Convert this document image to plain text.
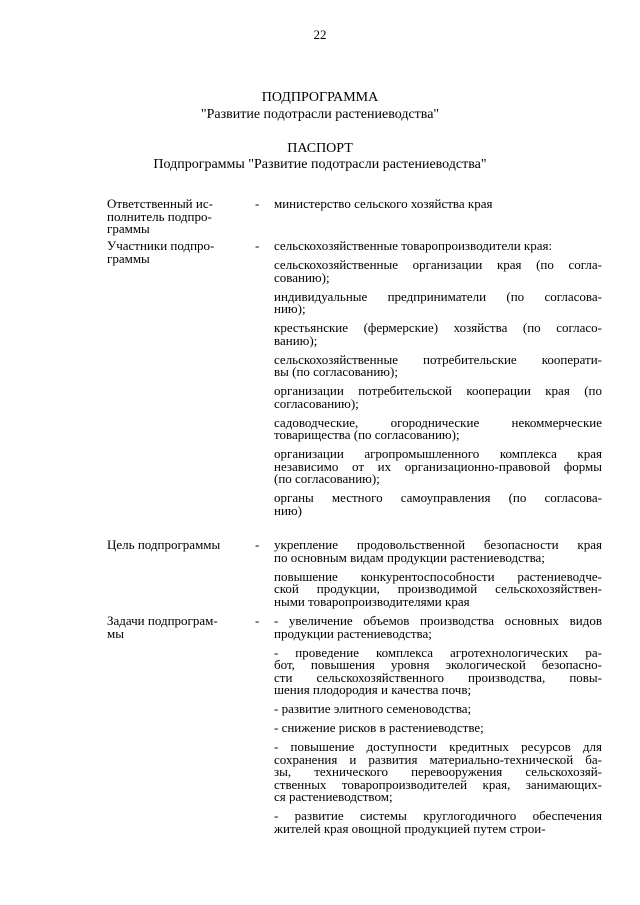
22
ПОДПРОГРАММА
"Развитие подотрасли растениеводства"
ПАСПОРТ
Подпрограммы "Развитие подотрасли растениеводства"
Ответственный ис-
полнитель подпро-
граммы
- министерство сельского хозяйства края
Участники подпро-
граммы
- сельскохозяйственные товаропроизводители края:
сельскохозяйственные организации края (по согла-
сованию);
индивидуальные предприниматели (по согласова-
нию);
крестьянские (фермерские) хозяйства (по согласо-
ванию);
сельскохозяйственные потребительские кооперати-
вы (по согласованию);
организации потребительской кооперации края (по
согласованию);
садоводческие, огороднические некоммерческие
товарищества (по согласованию);
организации агропромышленного комплекса края
независимо от их организационно-правовой формы
(по согласованию);
органы местного самоуправления (по согласова-
нию)
Цель подпрограммы	- укрепление продовольственной безопасности края
по основным видам продукции растениеводства;
повышение конкурентоспособности растениеводче-
ской продукции, производимой сельскохозяйствен-
ными товаропроизводителями края
Задачи подпрограм-
мы
- - увеличение объемов производства основных видов
продукции растениеводства;
- проведение комплекса агротехнологических ра-
бот, повышения уровня экологической безопасно-
сти сельскохозяйственного производства, повы-
шения плодородия и качества почв;
- развитие элитного семеноводства;
- снижение рисков в растениеводстве;
- повышение доступности кредитных ресурсов для
сохранения и развития материально-технической ба-
зы, технического перевооружения сельскохозяй-
ственных товаропроизводителей края, занимающих-
ся растениеводством;
- развитие системы круглогодичного обеспечения
жителей края овощной продукцией путем строи-
